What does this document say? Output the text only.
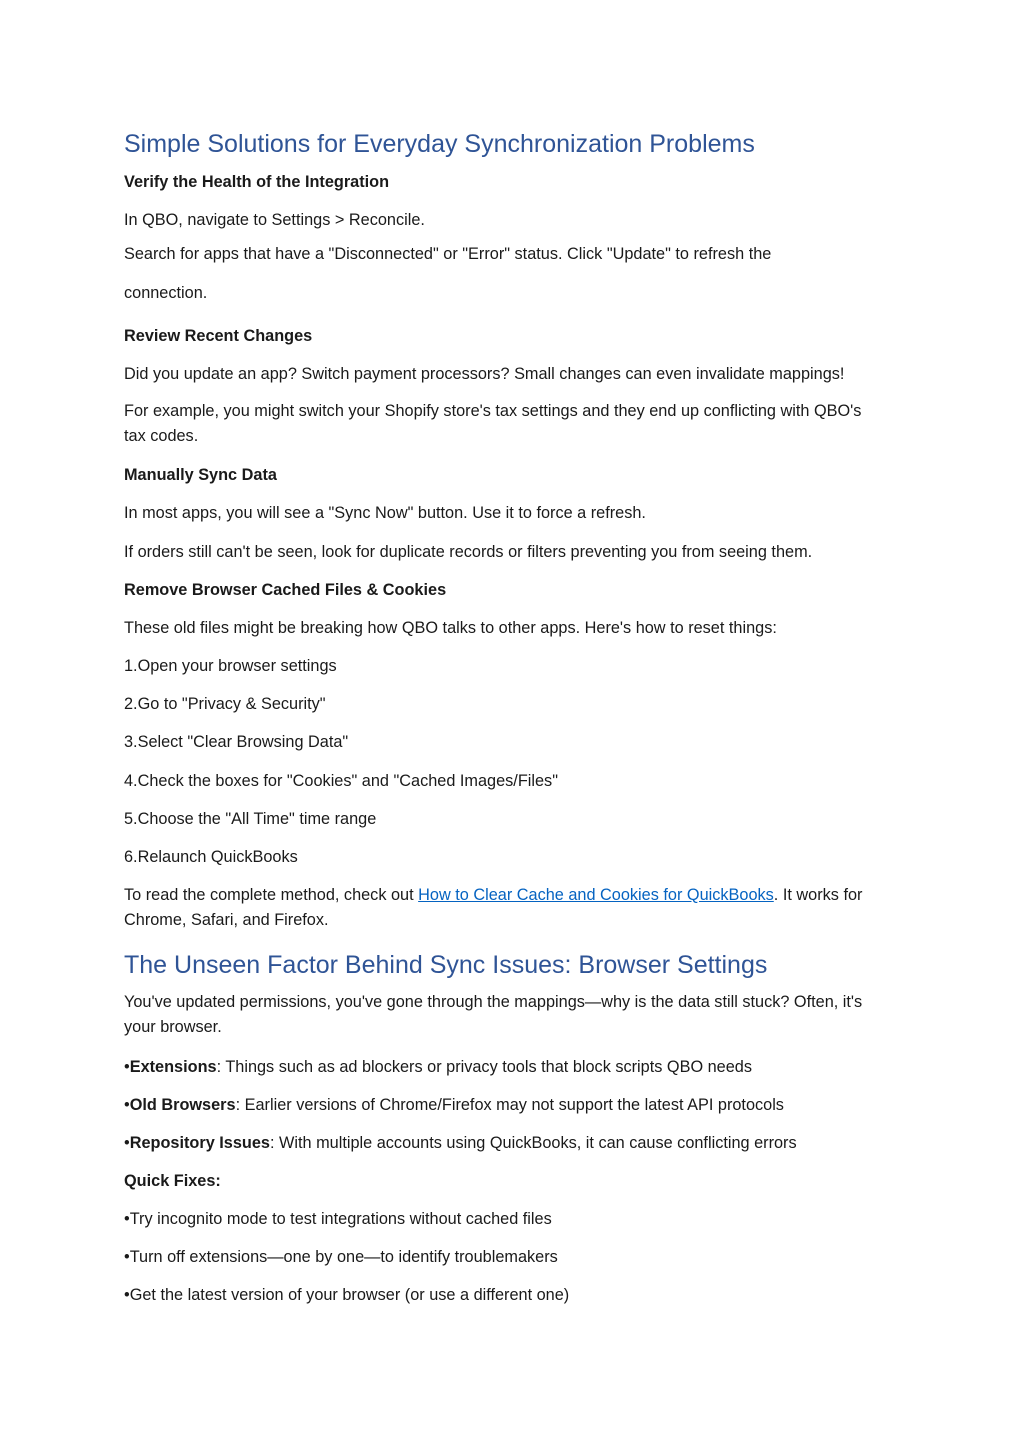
Simple Solutions for Everyday Synchronization Problems
Verify the Health of the Integration
In QBO, navigate to Settings > Reconcile.
Search for apps that have a "Disconnected" or "Error" status. Click "Update" to refresh the
connection.
Review Recent Changes
Did you update an app? Switch payment processors? Small changes can even invalidate mappings!
For example, you might switch your Shopify store's tax settings and they end up conflicting with QBO's tax codes.
Manually Sync Data
In most apps, you will see a "Sync Now" button. Use it to force a refresh.
If orders still can't be seen, look for duplicate records or filters preventing you from seeing them.
Remove Browser Cached Files & Cookies
These old files might be breaking how QBO talks to other apps. Here's how to reset things:
1.Open your browser settings
2.Go to "Privacy & Security"
3.Select "Clear Browsing Data"
4.Check the boxes for "Cookies" and "Cached Images/Files"
5.Choose the "All Time" time range
6.Relaunch QuickBooks
To read the complete method, check out How to Clear Cache and Cookies for QuickBooks. It works for Chrome, Safari, and Firefox.
The Unseen Factor Behind Sync Issues: Browser Settings
You've updated permissions, you've gone through the mappings—why is the data still stuck? Often, it's your browser.
•Extensions: Things such as ad blockers or privacy tools that block scripts QBO needs
•Old Browsers: Earlier versions of Chrome/Firefox may not support the latest API protocols
•Repository Issues: With multiple accounts using QuickBooks, it can cause conflicting errors
Quick Fixes:
•Try incognito mode to test integrations without cached files
•Turn off extensions—one by one—to identify troublemakers
•Get the latest version of your browser (or use a different one)
